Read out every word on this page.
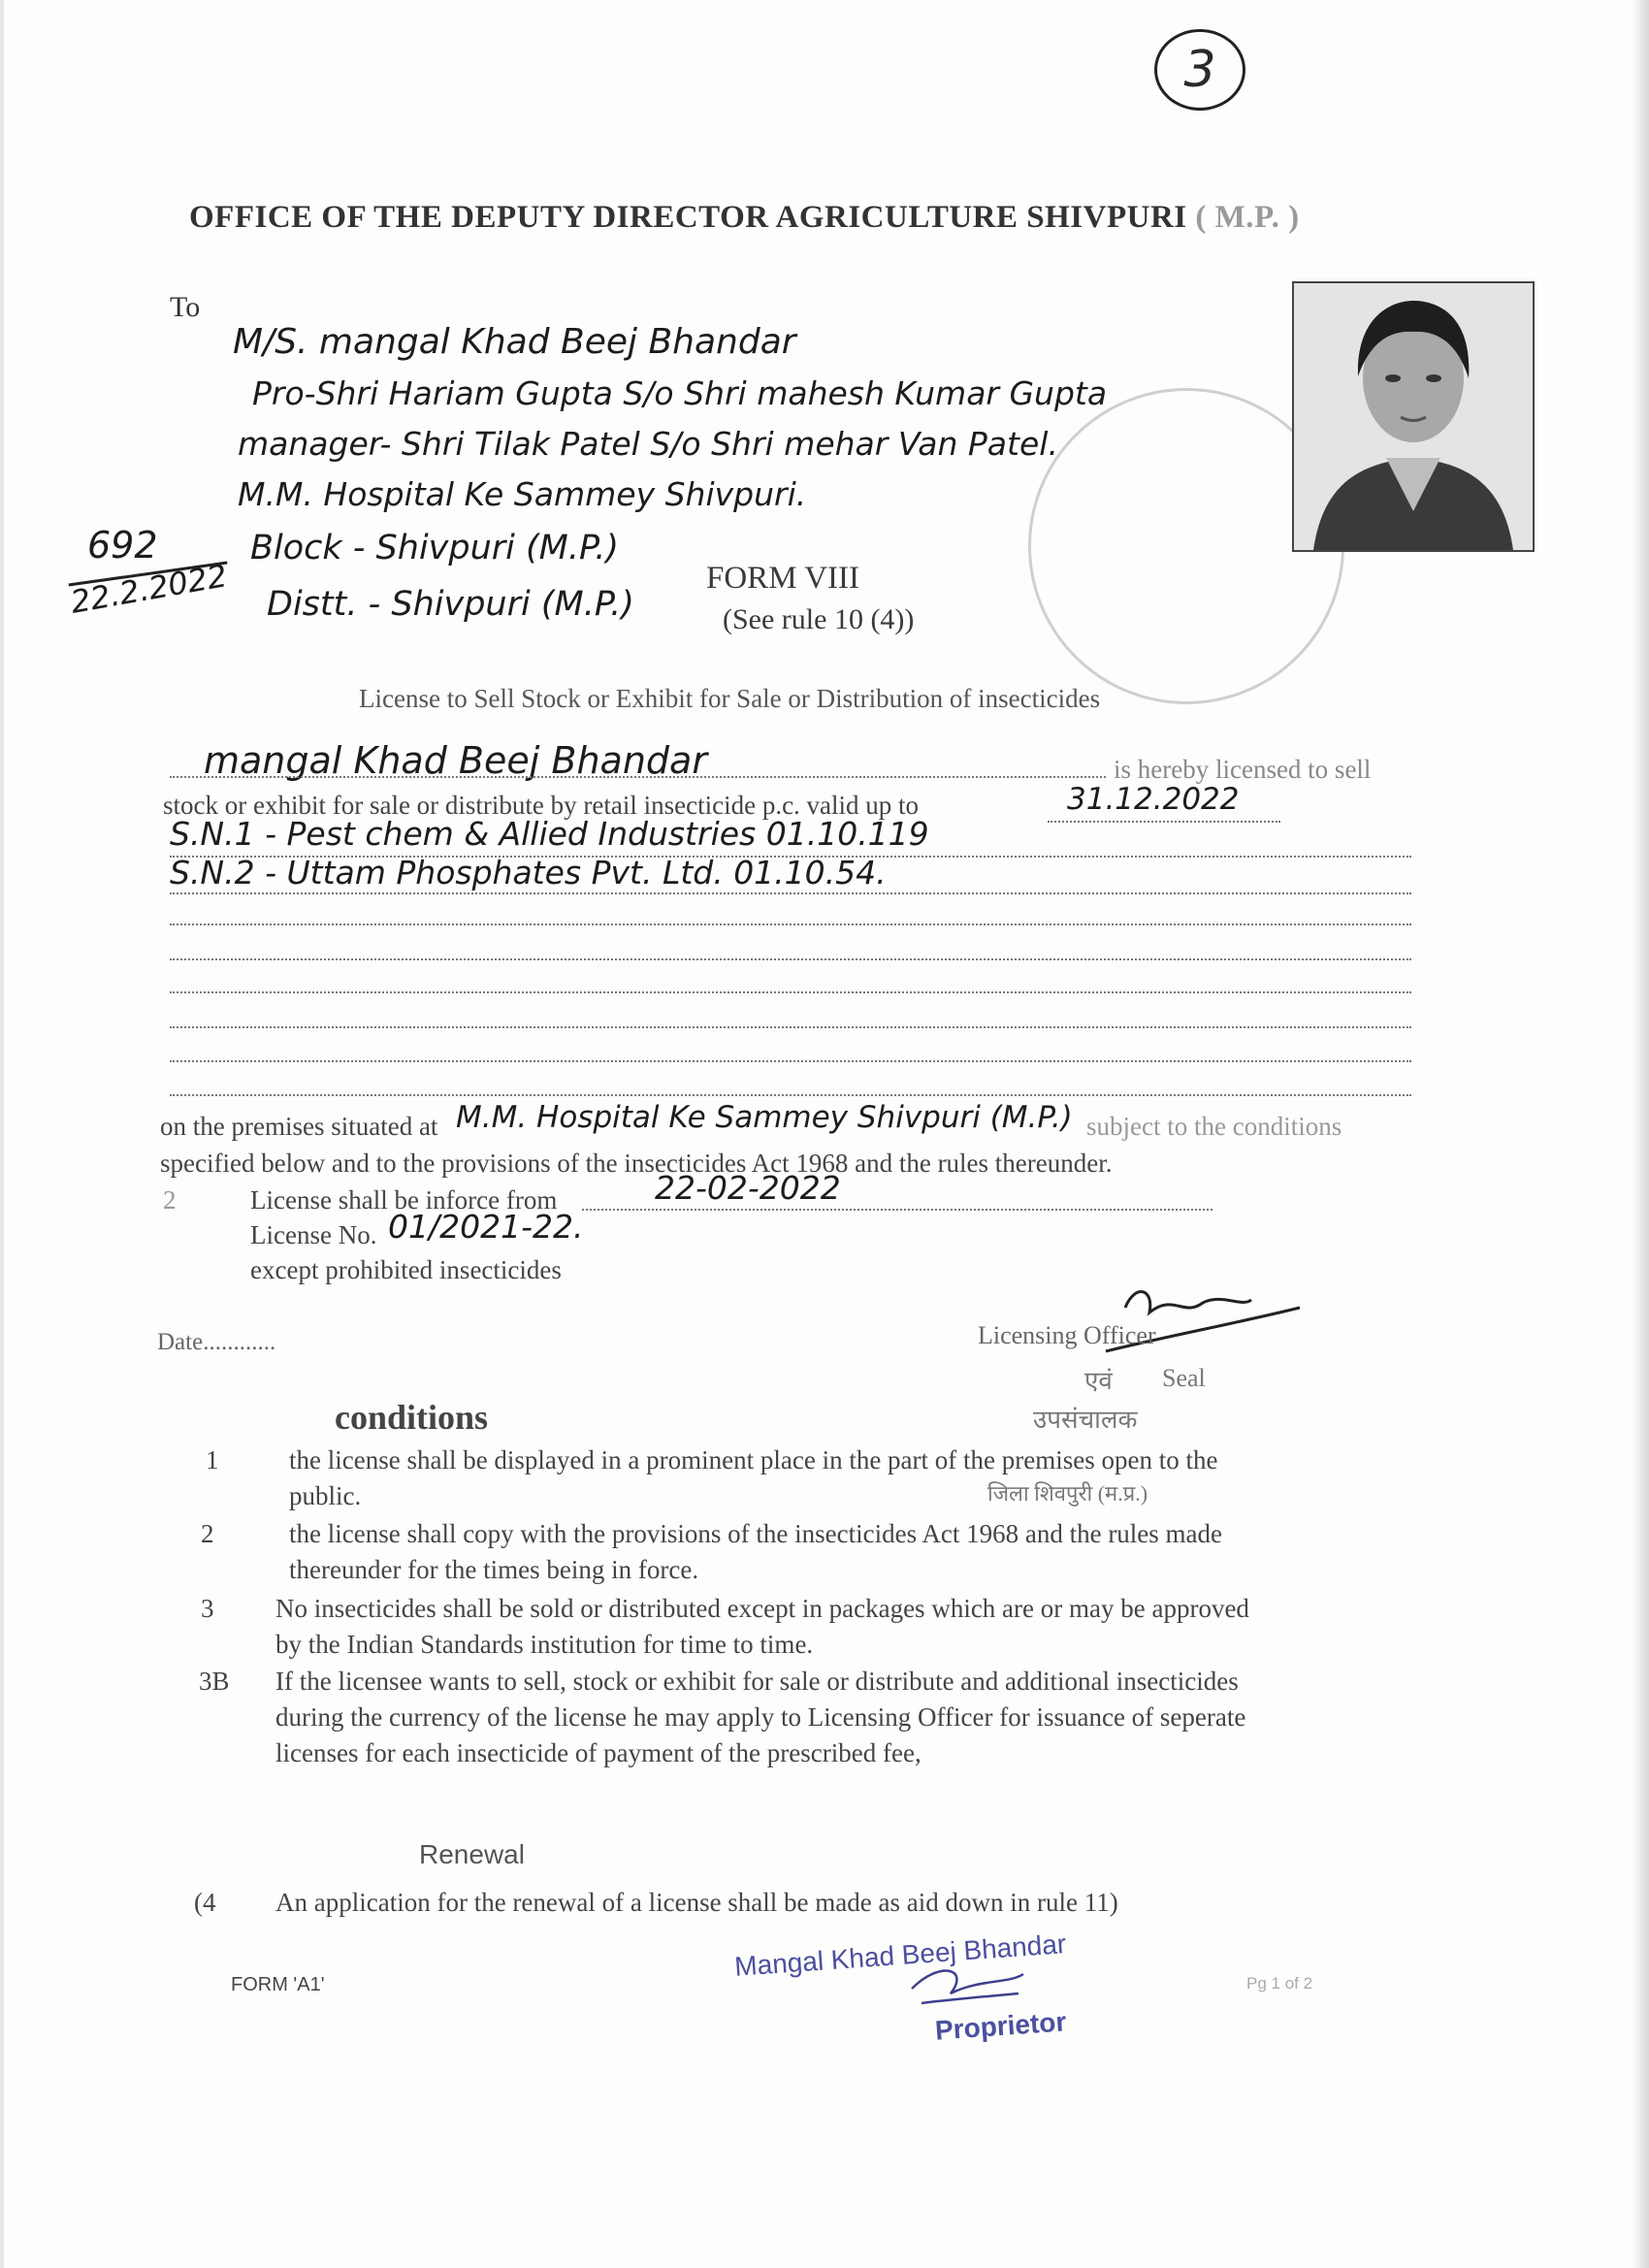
3
OFFICE OF THE DEPUTY DIRECTOR AGRICULTURE SHIVPURI ( M.P. )
To
M/S. mangal Khad Beej Bhandar
Pro-Shri Hariam Gupta S/o Shri mahesh Kumar Gupta
manager- Shri Tilak Patel S/o Shri mehar Van Patel.
M.M. Hospital Ke Sammey Shivpuri.
692
22.2.2022
Block - Shivpuri (M.P.)
Distt. - Shivpuri (M.P.)
FORM VIII
(See rule 10 (4))
License to Sell Stock or Exhibit for Sale or Distribution of insecticides
mangal Khad Beej Bhandar	is hereby licensed to sell
stock or exhibit for sale or distribute by retail insecticide p.c. valid up to	31.12.2022
S.N.1 - Pest chem & Allied Industries 01.10.119
S.N.2 - Uttam Phosphates Pvt. Ltd. 01.10.54.
on the premises situated at M.M. Hospital Ke Sammey Shivpuri (M.P.) subject to the conditions
specified below and to the provisions of the insecticides Act 1968 and the rules thereunder.
2	License shall be inforce from	22-02-2022
License No. 01/2021-22.
except prohibited insecticides
Date............	Licensing Officer
एवं Seal
उपसंचालक
जिला शिवपुरी (म.प्र.)
conditions
1	the license shall be displayed in a prominent place in the part of the premises open to the
public.
2	the license shall copy with the provisions of the insecticides Act 1968 and the rules made
thereunder for the times being in force.
3 No insecticides shall be sold or distributed except in packages which are or may be approved
by the Indian Standards institution for time to time.
3B If the licensee wants to sell, stock or exhibit for sale or distribute and additional insecticides
during the currency of the license he may apply to Licensing Officer for issuance of seperate
licenses for each insecticide of payment of the prescribed fee,
Renewal
(4 An application for the renewal of a license shall be made as aid down in rule 11)
FORM 'A1'	Pg 1 of 2
Mangal Khad Beej Bhandar
Proprietor
